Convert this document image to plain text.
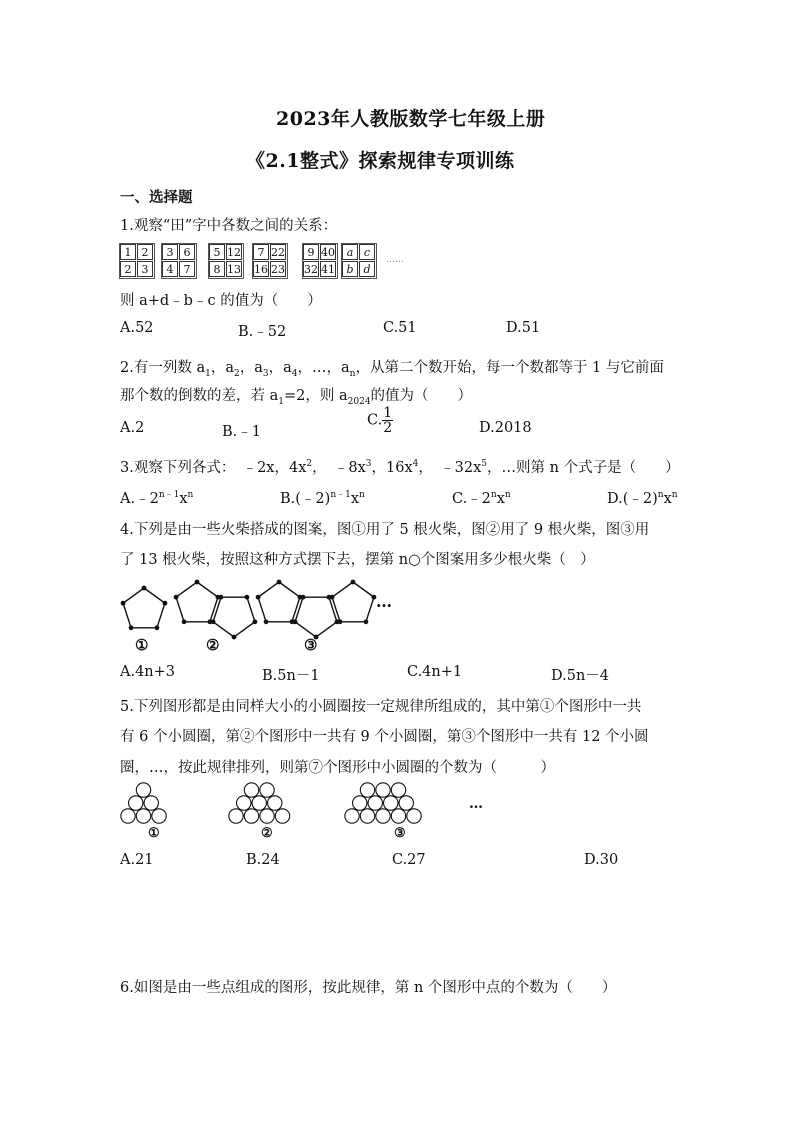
2023年人教版数学七年级上册
《2.1整式》探索规律专项训练
一、选择题
1.观察“田”字中各数之间的关系：
1 2
2 3
3 6
4 7
5 12
8 13
7 22
16 23
9 40
32 41
a c
b d
……
则 a+d﹣b﹣c 的值为（　　）
A.52	B.﹣52	C.51	D.51
2.有一列数 $a_1$，$a_2$，$a_3$，$a_4$，…，$a_n$，从第二个数开始，每一个数都等于 1 与它前面
那个数的倒数的差，若 $a_1=2$，则 $a_{2024}$的值为（　　）
A.2	B.﹣1
C. $\frac{1}{2}$	D.2018
3.观察下列各式：　﹣2x，$4x^2$，　$﹣8x^3$，$16x^4$，　$﹣32x^5$，…则第 n 个式子是（　　）
$A.﹣2^{n﹣1}x^n$	$B.(﹣2)^{n﹣1}x^n$	$C.﹣2^nx^n$	$D.(﹣2)^nx^n$
4.下列是由一些火柴搭成的图案，图①用了 5 根火柴，图②用了 9 根火柴，图③用
了 13 根火柴，按照这种方式摆下去，摆第 n○个图案用多少根火柴（　）
…
①	②	③
A.4n+3	B.5n－1	C.4n+1	D.5n－4
5.下列图形都是由同样大小的小圆圈按一定规律所组成的，其中第①个图形中一共
有 6 个小圆圈，第②个图形中一共有 9 个小圆圈，第③个图形中一共有 12 个小圆
圈，…，按此规律排列，则第⑦个图形中小圆圈的个数为（　　　）
…
①	②	③
A.21	B.24	C.27	D.30
6.如图是由一些点组成的图形，按此规律，第 n 个图形中点的个数为（　　）
